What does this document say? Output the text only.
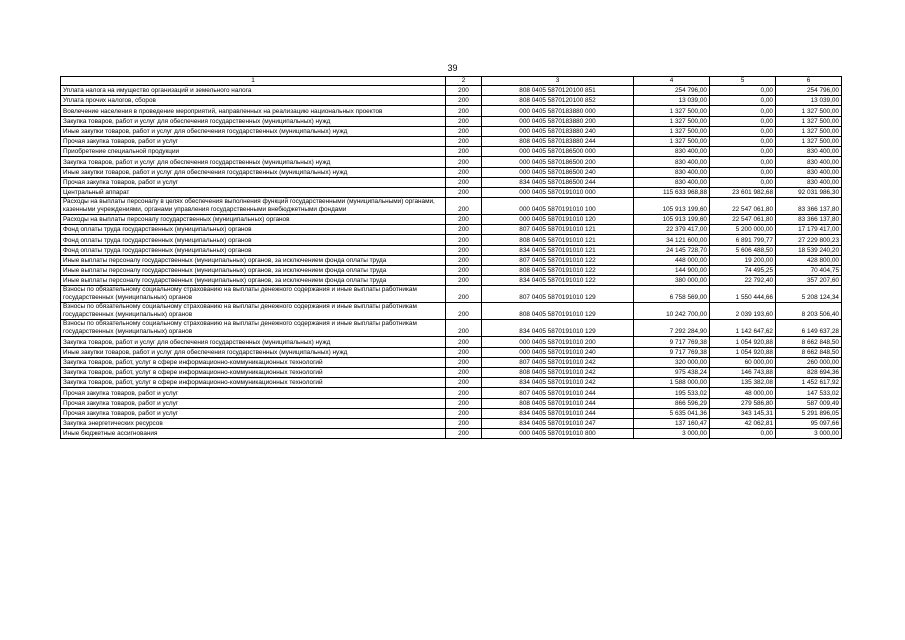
39
1	2	3	4	5	6
Уплата налога на имущество организаций и земельного налога	200	808 0405 5870120100 851	254 796,00	0,00	254 796,00
Уплата прочих налогов, сборов	200	808 0405 5870120100 852	13 039,00	0,00	13 039,00
Вовлечение населения в проведение мероприятий, направленных на реализацию национальных проектов	200	000 0405 5870183880 000	1 327 500,00	0,00	1 327 500,00
Закупка товаров, работ и услуг для обеспечения государственных (муниципальных) нужд	200	000 0405 5870183880 200	1 327 500,00	0,00	1 327 500,00
Иные закупки товаров, работ и услуг для обеспечения государственных (муниципальных) нужд	200	000 0405 5870183880 240	1 327 500,00	0,00	1 327 500,00
Прочая закупка товаров, работ и услуг	200	808 0405 5870183880 244	1 327 500,00	0,00	1 327 500,00
Приобретение специальной продукции	200	000 0405 5870186500 000	830 400,00	0,00	830 400,00
Закупка товаров, работ и услуг для обеспечения государственных (муниципальных) нужд	200	000 0405 5870186500 200	830 400,00	0,00	830 400,00
Иные закупки товаров, работ и услуг для обеспечения государственных (муниципальных) нужд	200	000 0405 5870186500 240	830 400,00	0,00	830 400,00
Прочая закупка товаров, работ и услуг	200	834 0405 5870186500 244	830 400,00	0,00	830 400,00
Центральный аппарат	200	000 0405 5870191010 000	115 633 968,88	23 601 982,68	92 031 986,30
Расходы на выплаты персоналу в целях обеспечения выполнения функций государственными (муниципальными) органами, казенными учреждениями, органами управления государственными внебюджетными фондами	200	000 0405 5870191010 100	105 913 199,60	22 547 061,80	83 366 137,80
Расходы на выплаты персоналу государственных (муниципальных) органов	200	000 0405 5870191010 120	105 913 199,60	22 547 061,80	83 366 137,80
Фонд оплаты труда государственных (муниципальных) органов	200	807 0405 5870191010 121	22 379 417,00	5 200 000,00	17 179 417,00
Фонд оплаты труда государственных (муниципальных) органов	200	808 0405 5870191010 121	34 121 600,00	6 891 799,77	27 229 800,23
Фонд оплаты труда государственных (муниципальных) органов	200	834 0405 5870191010 121	24 145 728,70	5 606 488,50	18 539 240,20
Иные выплаты персоналу государственных (муниципальных) органов, за исключением фонда оплаты труда	200	807 0405 5870191010 122	448 000,00	19 200,00	428 800,00
Иные выплаты персоналу государственных (муниципальных) органов, за исключением фонда оплаты труда	200	808 0405 5870191010 122	144 900,00	74 495,25	70 404,75
Иные выплаты персоналу государственных (муниципальных) органов, за исключением фонда оплаты труда	200	834 0405 5870191010 122	380 000,00	22 792,40	357 207,60
Взносы по обязательному социальному страхованию на выплаты денежного содержания и иные выплаты работникам государственных (муниципальных) органов	200	807 0405 5870191010 129	6 758 569,00	1 550 444,66	5 208 124,34
Взносы по обязательному социальному страхованию на выплаты денежного содержания и иные выплаты работникам государственных (муниципальных) органов	200	808 0405 5870191010 129	10 242 700,00	2 039 193,60	8 203 506,40
Взносы по обязательному социальному страхованию на выплаты денежного содержания и иные выплаты работникам государственных (муниципальных) органов	200	834 0405 5870191010 129	7 292 284,90	1 142 647,62	6 149 637,28
Закупка товаров, работ и услуг для обеспечения государственных (муниципальных) нужд	200	000 0405 5870191010 200	9 717 769,38	1 054 920,88	8 662 848,50
Иные закупки товаров, работ и услуг для обеспечения государственных (муниципальных) нужд	200	000 0405 5870191010 240	9 717 769,38	1 054 920,88	8 662 848,50
Закупка товаров, работ, услуг в сфере информационно-коммуникационных технологий	200	807 0405 5870191010 242	320 000,00	60 000,00	260 000,00
Закупка товаров, работ, услуг в сфере информационно-коммуникационных технологий	200	808 0405 5870191010 242	975 438,24	146 743,88	828 694,36
Закупка товаров, работ, услуг в сфере информационно-коммуникационных технологий	200	834 0405 5870191010 242	1 588 000,00	135 382,08	1 452 617,92
Прочая закупка товаров, работ и услуг	200	807 0405 5870191010 244	195 533,02	48 000,00	147 533,02
Прочая закупка товаров, работ и услуг	200	808 0405 5870191010 244	866 596,29	279 586,80	587 009,49
Прочая закупка товаров, работ и услуг	200	834 0405 5870191010 244	5 635 041,36	343 145,31	5 291 896,05
Закупка энергетических ресурсов	200	834 0405 5870191010 247	137 160,47	42 062,81	95 097,66
Иные бюджетные ассигнования	200	000 0405 5870191010 800	3 000,00	0,00	3 000,00
